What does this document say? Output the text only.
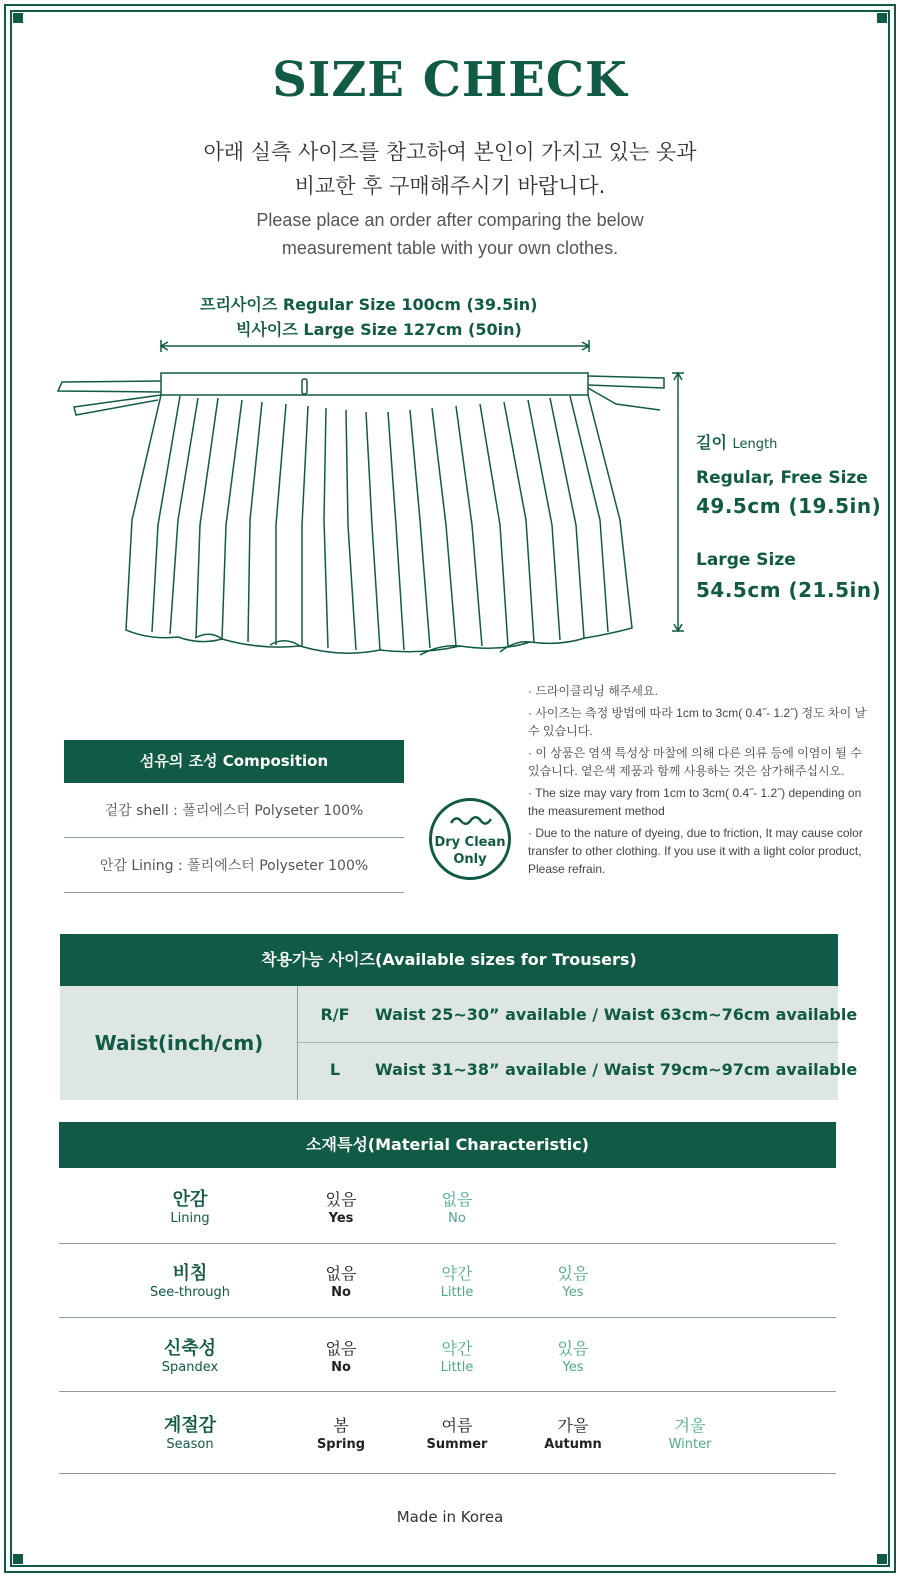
SIZE CHECK
아래 실측 사이즈를 참고하여 본인이 가지고 있는 옷과
비교한 후 구매해주시기 바랍니다.
Please place an order after comparing the below
measurement table with your own clothes.
프리사이즈 Regular Size 100cm (39.5in)
빅사이즈 Large Size 127cm (50in)
길이 Length
Regular, Free Size
49.5cm (19.5in)
Large Size
54.5cm (21.5in)
· 드라이클리닝 해주세요.
· 사이즈는 측정 방법에 따라 1cm to 3cm( 0.4˝- 1.2˝) 정도 차이 날 수 있습니다.
· 이 상품은 염색 특성상 마찰에 의해 다른 의류 등에 이염이 될 수 있습니다. 옅은색 제품과 함께 사용하는 것은 삼가해주십시오.
· The size may vary from 1cm to 3cm( 0.4˝- 1.2˝) depending on the measurement method
· Due to the nature of dyeing, due to friction, It may cause color transfer to other clothing. If you use it with a light color product, Please refrain.
섬유의 조성 Composition
겉감 shell : 폴리에스터 Polyseter 100%
안감 Lining : 폴리에스터 Polyseter 100%
Dry Clean
Only
착용가능 사이즈(Available sizes for Trousers)
Waist(inch/cm)
R/F	Waist 25~30” available / Waist 63cm~76cm available
L	Waist 31~38” available / Waist 79cm~97cm available
소재특성(Material Characteristic)
안감
Lining
있음
Yes
없음
No
비침
See-through
없음
No
약간
Little
있음
Yes
신축성
Spandex
없음
No
약간
Little
있음
Yes
계절감
Season
봄
Spring
여름
Summer
가을
Autumn
겨울
Winter
Made in Korea
